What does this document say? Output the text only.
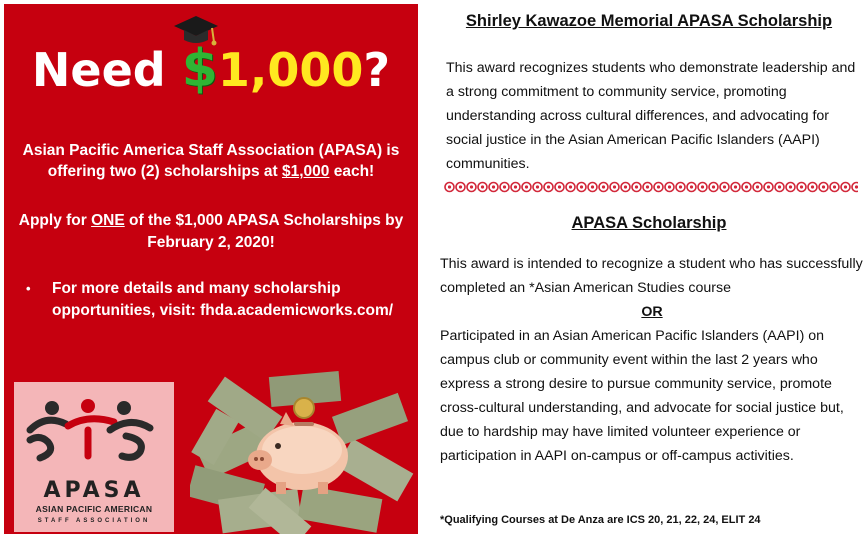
Need $1,000?
Asian Pacific America Staff Association (APASA) is offering two (2) scholarships at $1,000 each!
Apply for ONE of the $1,000 APASA Scholarships by February 2, 2020!
•	For more details and many scholarship opportunities, visit: fhda.academicworks.com/
APASA
ASIAN PACIFIC AMERICAN
STAFF ASSOCIATION
Shirley Kawazoe Memorial APASA Scholarship
This award recognizes students who demonstrate leadership and a strong commitment to community service, promoting understanding across cultural differences, and advocating for social justice in the Asian American Pacific Islanders (AAPI) communities.
APASA Scholarship
This award is intended to recognize a student who has successfully completed an *Asian American Studies course
OR
Participated in an Asian American Pacific Islanders (AAPI) on campus club or community event within the last 2 years who express a strong desire to pursue community service, promote cross-cultural understanding, and advocate for social justice but, due to hardship may have limited volunteer experience or participation in AAPI on-campus or off-campus activities.
*Qualifying Courses at De Anza are ICS 20, 21, 22, 24, ELIT 24
